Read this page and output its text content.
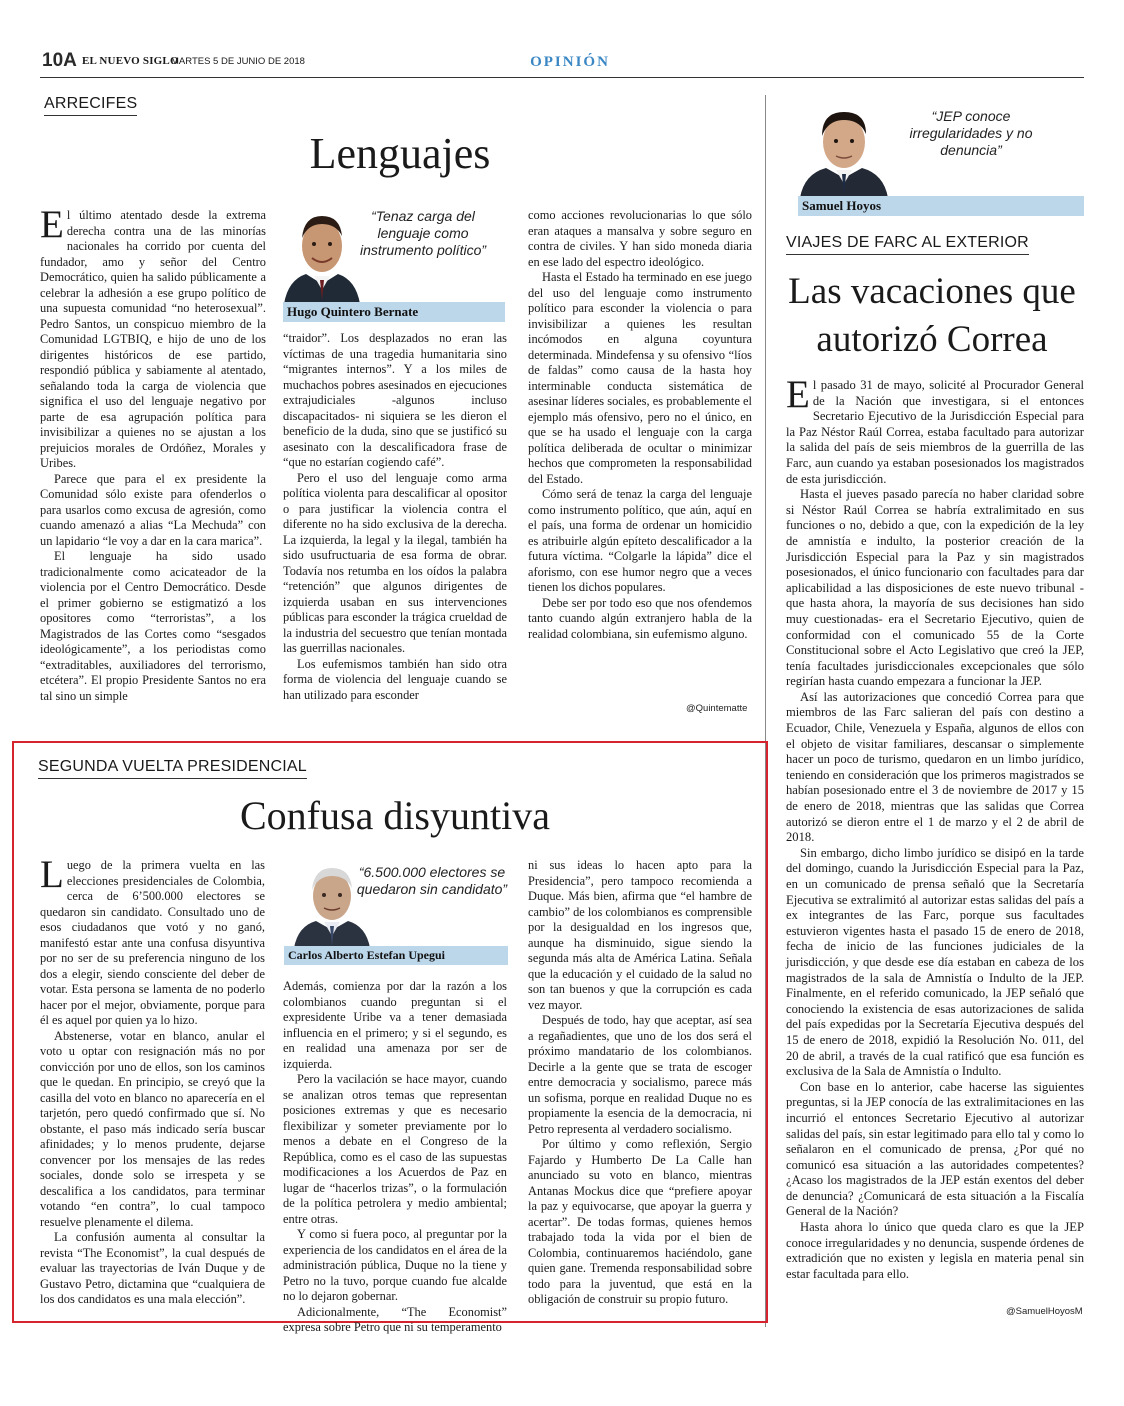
10A EL NUEVO SIGLO
MARTES 5 DE JUNIO DE 2018	OPINIÓN
ARRECIFES
Lenguajes

El último atentado desde la extrema derecha contra una de las minorías nacionales ha corrido por cuenta del fundador, amo y señor del Centro Democrático, quien ha salido públicamente a celebrar la adhesión a ese grupo político de una supuesta comunidad “no heterosexual”. Pedro Santos, un conspicuo miembro de la Comunidad LGTBIQ, e hijo de uno de los dirigentes históricos de ese partido, respondió pública y sabiamente al atentado, señalando toda la carga de violencia que significa el uso del lenguaje negativo por parte de esa agrupación política para invisibilizar a quienes no se ajustan a los prejuicios morales de Ordóñez, Morales y Uribes.

Parece que para el ex presidente la Comunidad sólo existe para ofenderlos o para usarlos como excusa de agresión, como cuando amenazó a alias “La Mechuda” con un lapidario “le voy a dar en la cara marica”.

El lenguaje ha sido usado tradicionalmente como acicateador de la violencia por el Centro Democrático. Desde el primer gobierno se estigmatizó a los opositores como “terroristas”, a los Magistrados de las Cortes como “sesgados ideológicamente”, a los periodistas como “extraditables, auxiliadores del terrorismo, etcétera”. El propio Presidente Santos no era tal sino un simple

“Tenaz carga del lenguaje como instrumento político”
Hugo Quintero Bernate

“traidor”. Los desplazados no eran las víctimas de una tragedia humanitaria sino “migrantes internos”. Y a los miles de muchachos pobres asesinados en ejecuciones extrajudiciales -algunos incluso discapacitados- ni siquiera se les dieron el beneficio de la duda, sino que se justificó su asesinato con la descalificadora frase de “que no estarían cogiendo café”.

Pero el uso del lenguaje como arma política violenta para descalificar al opositor o para justificar la violencia contra el diferente no ha sido exclusiva de la derecha. La izquierda, la legal y la ilegal, también ha sido usufructuaria de esa forma de obrar. Todavía nos retumba en los oídos la palabra “retención” que algunos dirigentes de izquierda usaban en sus intervenciones públicas para esconder la trágica crueldad de la industria del secuestro que tenían montada las guerrillas nacionales.

Los eufemismos también han sido otra forma de violencia del lenguaje cuando se han utilizado para esconder

como acciones revolucionarias lo que sólo eran ataques a mansalva y sobre seguro en contra de civiles. Y han sido moneda diaria en ese lado del espectro ideológico.

Hasta el Estado ha terminado en ese juego del uso del lenguaje como instrumento político para esconder la violencia o para invisibilizar a quienes les resultan incómodos en alguna coyuntura determinada. Mindefensa y su ofensivo “líos de faldas” como causa de la hasta hoy interminable conducta sistemática de asesinar líderes sociales, es probablemente el ejemplo más ofensivo, pero no el único, en que se ha usado el lenguaje con la carga política deliberada de ocultar o minimizar hechos que comprometen la responsabilidad del Estado.

Cómo será de tenaz la carga del lenguaje como instrumento político, que aún, aquí en el país, una forma de ordenar un homicidio es atribuirle algún epíteto descalificador a la futura víctima. “Colgarle la lápida” dice el aforismo, con ese humor negro que a veces tienen los dichos populares.

Debe ser por todo eso que nos ofendemos tanto cuando algún extranjero habla de la realidad colombiana, sin eufemismo alguno.

@Quintematte
SEGUNDA VUELTA PRESIDENCIAL
Confusa disyuntiva

Luego de la primera vuelta en las elecciones presidenciales de Colombia, cerca de 6’500.000 electores se quedaron sin candidato. Consultado uno de esos ciudadanos que votó y no ganó, manifestó estar ante una confusa disyuntiva por no ser de su preferencia ninguno de los dos a elegir, siendo consciente del deber de votar. Esta persona se lamenta de no poderlo hacer por el mejor, obviamente, porque para él es aquel por quien ya lo hizo.

Abstenerse, votar en blanco, anular el voto u optar con resignación más no por convicción por uno de ellos, son los caminos que le quedan. En principio, se creyó que la casilla del voto en blanco no aparecería en el tarjetón, pero quedó confirmado que sí. No obstante, el paso más indicado sería buscar afinidades; y lo menos prudente, dejarse convencer por los mensajes de las redes sociales, donde solo se irrespeta y se descalifica a los candidatos, para terminar votando “en contra”, lo cual tampoco resuelve plenamente el dilema.

La confusión aumenta al consultar la revista “The Economist”, la cual después de evaluar las trayectorias de Iván Duque y de Gustavo Petro, dictamina que “cualquiera de los dos candidatos es una mala elección”.

“6.500.000 electores se quedaron sin candidato”
Carlos Alberto Estefan Upegui

Además, comienza por dar la razón a los colombianos cuando preguntan si el expresidente Uribe va a tener demasiada influencia en el primero; y si el segundo, es en realidad una amenaza por ser de izquierda.

Pero la vacilación se hace mayor, cuando se analizan otros temas que representan posiciones extremas y que es necesario flexibilizar y someter previamente por lo menos a debate en el Congreso de la República, como es el caso de las supuestas modificaciones a los Acuerdos de Paz en lugar de “hacerlos trizas”, o la formulación de la política petrolera y medio ambiental; entre otras.

Y como si fuera poco, al preguntar por la experiencia de los candidatos en el área de la administración pública, Duque no la tiene y Petro no la tuvo, porque cuando fue alcalde no lo dejaron gobernar.

Adicionalmente, “The Economist” expresa sobre Petro que ni su temperamento

ni sus ideas lo hacen apto para la Presidencia”, pero tampoco recomienda a Duque. Más bien, afirma que “el hambre de cambio” de los colombianos es comprensible por la desigualdad en los ingresos que, aunque ha disminuido, sigue siendo la segunda más alta de América Latina. Señala que la educación y el cuidado de la salud no son tan buenos y que la corrupción es cada vez mayor.

Después de todo, hay que aceptar, así sea a regañadientes, que uno de los dos será el próximo mandatario de los colombianos. Decirle a la gente que se trata de escoger entre democracia y socialismo, parece más un sofisma, porque en realidad Duque no es propiamente la esencia de la democracia, ni Petro representa al verdadero socialismo.

Por último y como reflexión, Sergio Fajardo y Humberto De La Calle han anunciado su voto en blanco, mientras Antanas Mockus dice que “prefiere apoyar la paz y equivocarse, que apoyar la guerra y acertar”. De todas formas, quienes hemos trabajado toda la vida por el bien de Colombia, continuaremos haciéndolo, gane quien gane. Tremenda responsabilidad sobre todo para la juventud, que está en la obligación de construir su propio futuro.

“JEP conoce irregularidades y no denuncia”
Samuel Hoyos
VIAJES DE FARC AL EXTERIOR
Las vacaciones que autorizó Correa

El pasado 31 de mayo, solicité al Procurador General de la Nación que investigara, si el entonces Secretario Ejecutivo de la Jurisdicción Especial para la Paz Néstor Raúl Correa, estaba facultado para autorizar la salida del país de seis miembros de la guerrilla de las Farc, aun cuando ya estaban posesionados los magistrados de esta jurisdicción.

Hasta el jueves pasado parecía no haber claridad sobre si Néstor Raúl Correa se habría extralimitado en sus funciones o no, debido a que, con la expedición de la ley de amnistía e indulto, la posterior creación de la Jurisdicción Especial para la Paz y sin magistrados posesionados, el único funcionario con facultades para dar aplicabilidad a las disposiciones de este nuevo tribunal -que hasta ahora, la mayoría de sus decisiones han sido muy cuestionadas- era el Secretario Ejecutivo, quien de conformidad con el comunicado 55 de la Corte Constitucional sobre el Acto Legislativo que creó la JEP, tenía facultades jurisdiccionales excepcionales que sólo regirían hasta cuando empezara a funcionar la JEP.

Así las autorizaciones que concedió Correa para que miembros de las Farc salieran del país con destino a Ecuador, Chile, Venezuela y España, algunos de ellos con el objeto de visitar familiares, descansar o simplemente hacer un poco de turismo, quedaron en un limbo jurídico, teniendo en consideración que los primeros magistrados se habían posesionado entre el 3 de noviembre de 2017 y 15 de enero de 2018, mientras que las salidas que Correa autorizó se dieron entre el 1 de marzo y el 2 de abril de 2018.

Sin embargo, dicho limbo jurídico se disipó en la tarde del domingo, cuando la Jurisdicción Especial para la Paz, en un comunicado de prensa señaló que la Secretaría Ejecutiva se extralimitó al autorizar estas salidas del país a ex integrantes de las Farc, porque sus facultades estuvieron vigentes hasta el pasado 15 de enero de 2018, fecha de inicio de las funciones judiciales de la jurisdicción, y que desde ese día estaban en cabeza de los magistrados de la sala de Amnistía o Indulto de la JEP. Finalmente, en el referido comunicado, la JEP señaló que conociendo la existencia de esas autorizaciones de salida del país expedidas por la Secretaría Ejecutiva después del 15 de enero de 2018, expidió la Resolución No. 011, del 20 de abril, a través de la cual ratificó que esa función es exclusiva de la Sala de Amnistía o Indulto.

Con base en lo anterior, cabe hacerse las siguientes preguntas, si la JEP conocía de las extralimitaciones en las incurrió el entonces Secretario Ejecutivo al autorizar salidas del país, sin estar legitimado para ello tal y como lo señalaron en el comunicado de prensa, ¿Por qué no comunicó esa situación a las autoridades competentes? ¿Acaso los magistrados de la JEP están exentos del deber de denuncia? ¿Comunicará de esta situación a la Fiscalía General de la Nación?

Hasta ahora lo único que queda claro es que la JEP conoce irregularidades y no denuncia, suspende órdenes de extradición que no existen y legisla en materia penal sin estar facultada para ello.

@SamuelHoyosM
